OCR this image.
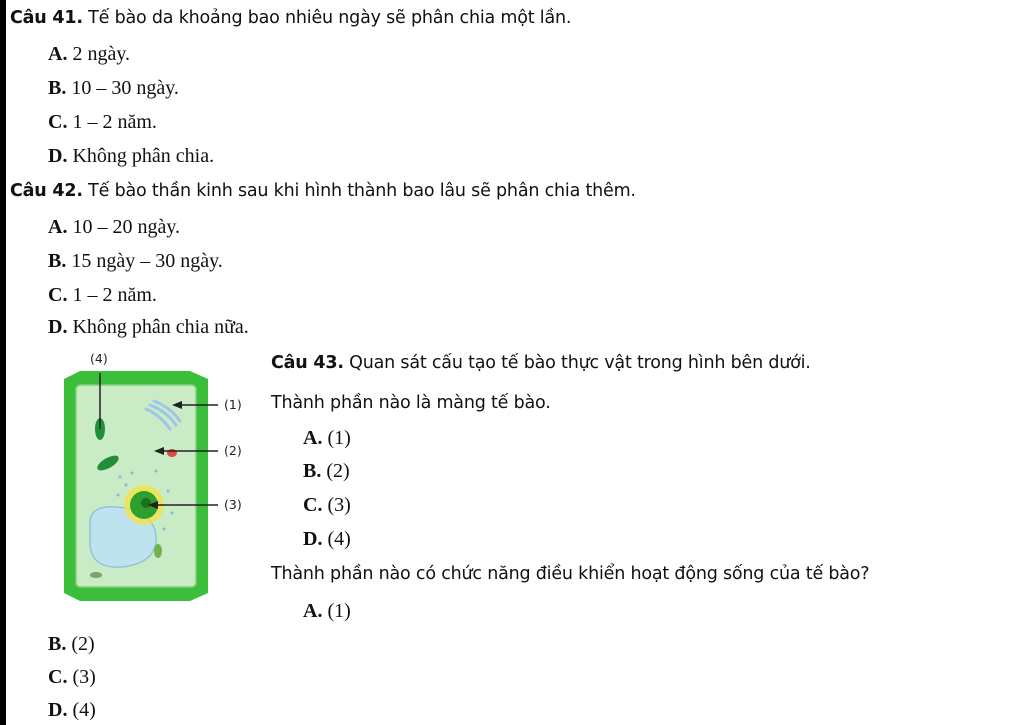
Câu 41. Tế bào da khoảng bao nhiêu ngày sẽ phân chia một lần.
A. 2 ngày.
B. 10 – 30 ngày.
C. 1 – 2 năm.
D. Không phân chia.
Câu 42. Tế bào thần kinh sau khi hình thành bao lâu sẽ phân chia thêm.
A. 10 – 20 ngày.
B. 15 ngày – 30 ngày.
C. 1 – 2 năm.
D. Không phân chia nữa.
(4)
(1)
(2)
(3)
Câu 43. Quan sát cấu tạo tế bào thực vật trong hình bên dưới.
Thành phần nào là màng tế bào.
A. (1)
B. (2)
C. (3)
D. (4)
Thành phần nào có chức năng điều khiển hoạt động sống của tế bào?
A. (1)
B. (2)
C. (3)
D. (4)
